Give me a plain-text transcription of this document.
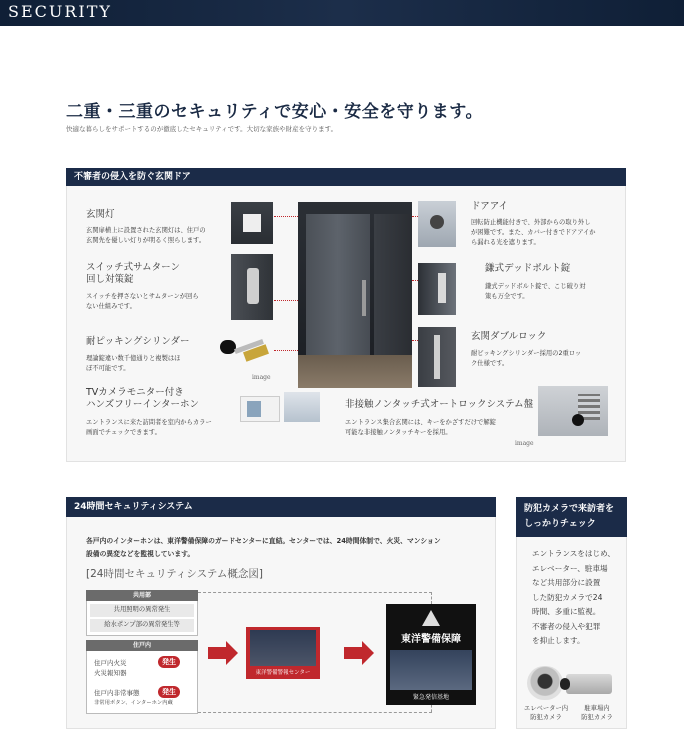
SECURITY
二重・三重のセキュリティで安心・安全を守ります。
快適な暮らしをサポートするのが徹底したセキュリティです。大切な家族や財産を守ります。
不審者の侵入を防ぐ玄関ドア
玄関灯
玄関扉横上に設置された玄関灯は、住戸の
玄関先を優しい灯りが明るく照らします。
スイッチ式サムターン
回し対策錠
スイッチを押さないとサムターンが回ら
ない仕組みです。
耐ピッキングシリンダー
理論錠違い数千億通りと複製はほ
ぼ不可能です。
image
TVカメラモニター付き
ハンズフリーインターホン
エントランスに来た訪問者を室内からカラー
画面でチェックできます。
ドアアイ
回転防止機能付きで、外部からの取り外し
が困難です。また、カバー付きでドアアイか
ら漏れる光を遮ります。
鎌式デッドボルト錠
鎌式デッドボルト錠で、こじ破り対
策も万全です。
玄関ダブルロック
耐ピッキングシリンダー採用の2重ロッ
ク仕様です。
非接触ノンタッチ式オートロックシステム盤
エントランス集合玄関には、キーをかざすだけで解錠
可能な非接触ノンタッチキーを採用。
image
24時間セキュリティシステム
各戸内のインターホンは、東洋警備保障のガードセンターに直結。センターでは、24時間体制で、火災、マンション
設備の異変などを監視しています。
[24時間セキュリティシステム概念図]
共用部
共用照明の異常発生
給水ポンプ部の異常発生等
住戸内
住戸内火災
火災報知器
発生
住戸内非常事態
非常用ボタン、インターホン内蔵
発生
東洋警備警報センター
東洋警備保障
緊急発信基地
防犯カメラで来訪者を
しっかりチェック
エントランスをはじめ、
エレベーター、駐車場
など共用部分に設置
した防犯カメラで24
時間、多重に監視。
不審者の侵入や犯罪
を抑止します。
エレベーター内
防犯カメラ
駐車場内
防犯カメラ
